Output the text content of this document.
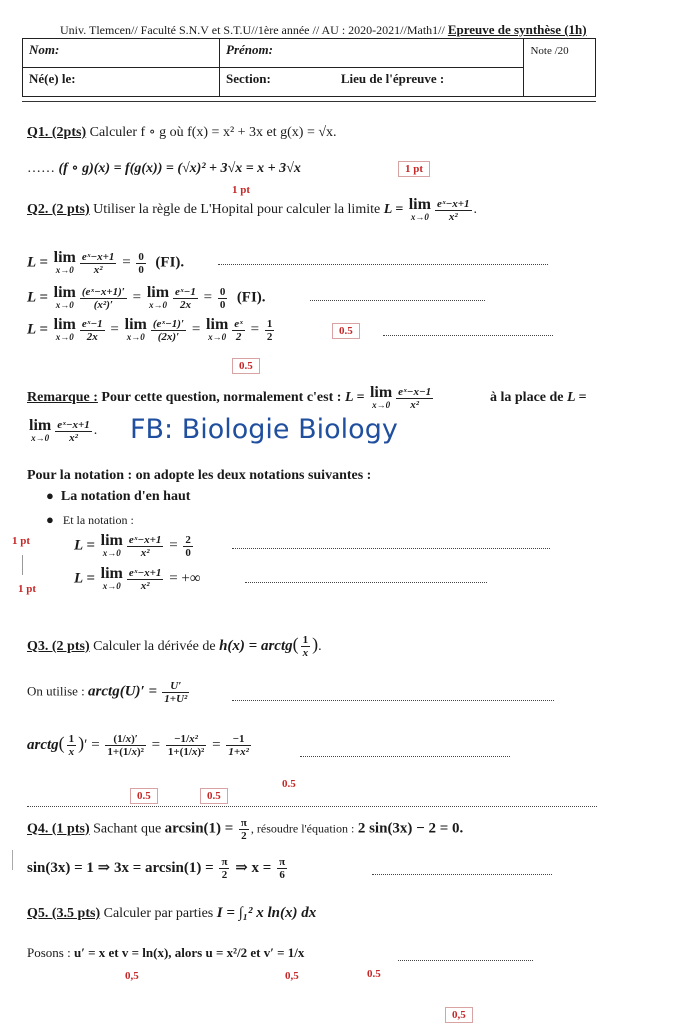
Univ. Tlemcen// Faculté S.N.V et S.T.U//1ère année // AU : 2020-2021//Math1// Epreuve de synthèse (1h)
Nom:	Prénom:	Note /20
Né(e) le:	Section: Lieu de l'épreuve :	
Q1. (2pts) Calculer f ∘ g où f(x) = x² + 3x et g(x) = √x.
…… (f ∘ g)(x) = f(g(x)) = (√x)² + 3√x = x + 3√x	1 pt
1 pt
Q2. (2 pts) Utiliser la règle de L'Hopital pour calculer la limite L = lim
$x\to 0 \frac{\text{eˣ−x+1}}{\text{x²}}$ .
L = lim
$x\to 0 \frac{\text{eˣ−x+1}}{\text{x²}} = \frac{0}{0} (FI)$.
L = lim
$x\to 0 \frac{\text{(eˣ−x+1)′}}{\text{(x²)′}} = \lim$
$x\to 0 \frac{\text{eˣ−1}}{2x} = \frac{0}{0} (FI)$.
L = lim
$x\to 0 \frac{\text{eˣ−1}}{2x} = \lim$
$x\to 0 \frac{\text{(eˣ−1)′}}{(2x)'} = \lim$
$x\to 0 \frac{\text{eˣ}}{2} = \frac{1}{2}$	0.5
0.5
Remarque : Pour cette question, normalement c'est : L = lim
$x\to 0 \frac{\text{eˣ−x−1}}{\text{x²}}$	à la place de L =
lim
$x\to 0 \frac{\text{eˣ−x+1}}{\text{x²}}$ . FB: Biologie Biology
Pour la notation : on adopte les deux notations suivantes :
● La notation d'en haut
● Et la notation :
1 pt	L = lim
$x\to 0 \frac{\text{eˣ−x+1}}{\text{x²}} = \frac{2}{0}$
L = lim
$x\to 0 \frac{\text{eˣ−x+1}}{\text{x²}}$ = +∞
1 pt
Q3. (2 pts) Calculer la dérivée de h(x) = arctg( $\frac{1}{x}$ ).
On utilise : arctg(U)′ = $\frac{U'}{\text{1+U²}}$
arctg( $\frac{1}{x}$ )′ = $\frac{(1/x)'}{\text{1+(1/x)²}} = \frac{\text{−1/x²}}{\text{1+(1/x)²}} = \frac{-1}{\text{1+x²}}$
0.5
0.5	0.5
Q4. (1 pts) Sachant que $\arcsin(1) = \frac{\pi}{2}$ , résoudre l'équation : 2 sin(3x) − 2 = 0.
sin(3x) = 1 ⇒ $3x = \arcsin(1) = \frac{\pi}{2}$ ⇒ $x = \frac{\pi}{6}$
Q5. (3.5 pts) Calculer par parties I = ∫₁² x ln(x) dx
Posons : u′ = x et v = ln(x), alors u = x²/2 et v′ = 1/x
0,5	0,5	0.5
0,5
